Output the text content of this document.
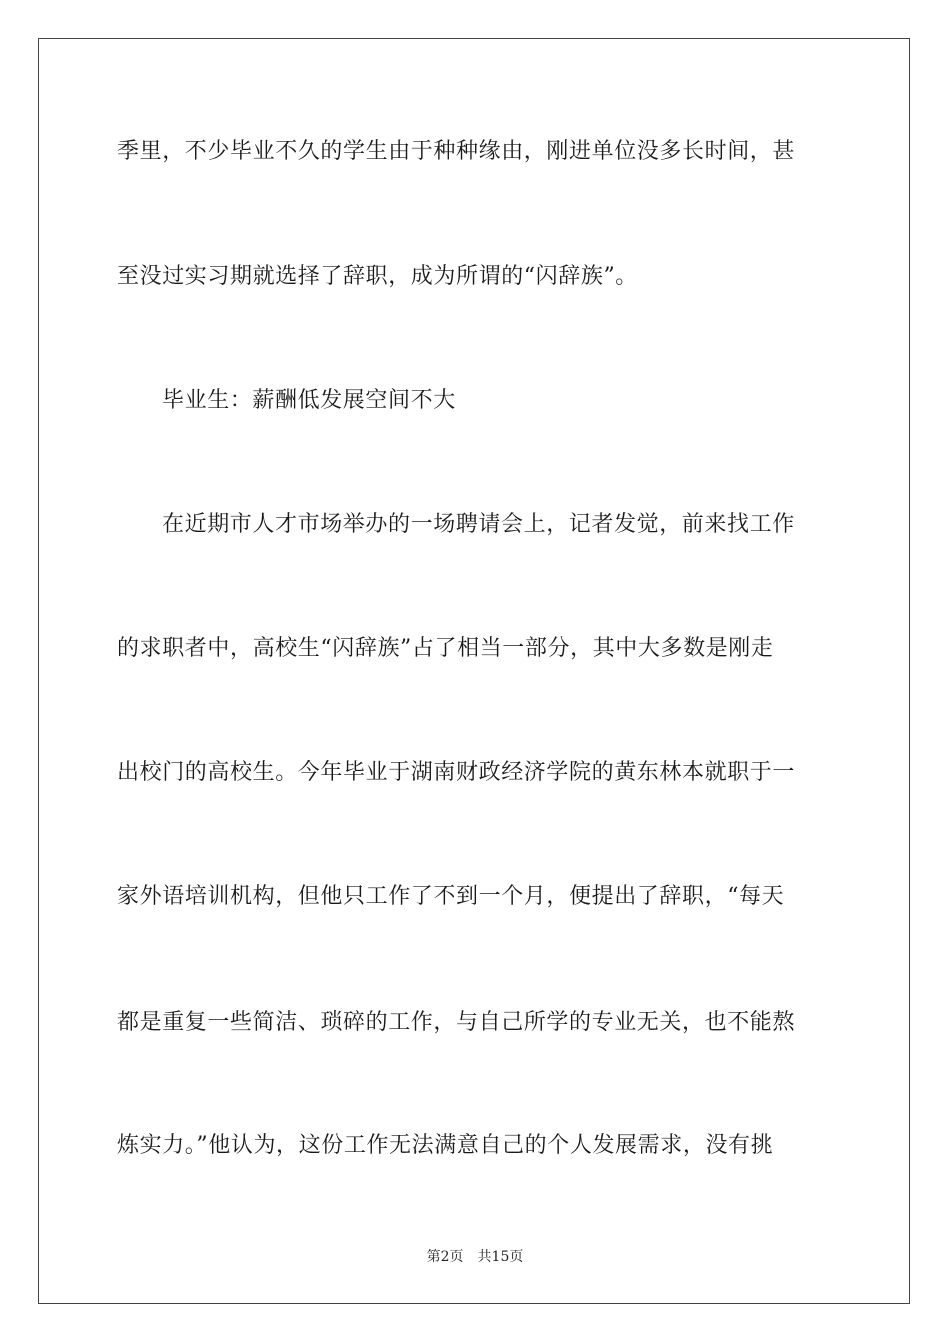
季里，不少毕业不久的学生由于种种缘由，刚进单位没多长时间，甚
至没过实习期就选择了辞职，成为所谓的“闪辞族”。
毕业生：薪酬低发展空间不大
在近期市人才市场举办的一场聘请会上，记者发觉，前来找工作
的求职者中，高校生“闪辞族”占了相当一部分，其中大多数是刚走
出校门的高校生。今年毕业于湖南财政经济学院的黄东林本就职于一
家外语培训机构，但他只工作了不到一个月，便提出了辞职，“每天
都是重复一些简洁、琐碎的工作，与自己所学的专业无关，也不能熬
炼实力。”他认为，这份工作无法满意自己的个人发展需求，没有挑
第2页 共15页
